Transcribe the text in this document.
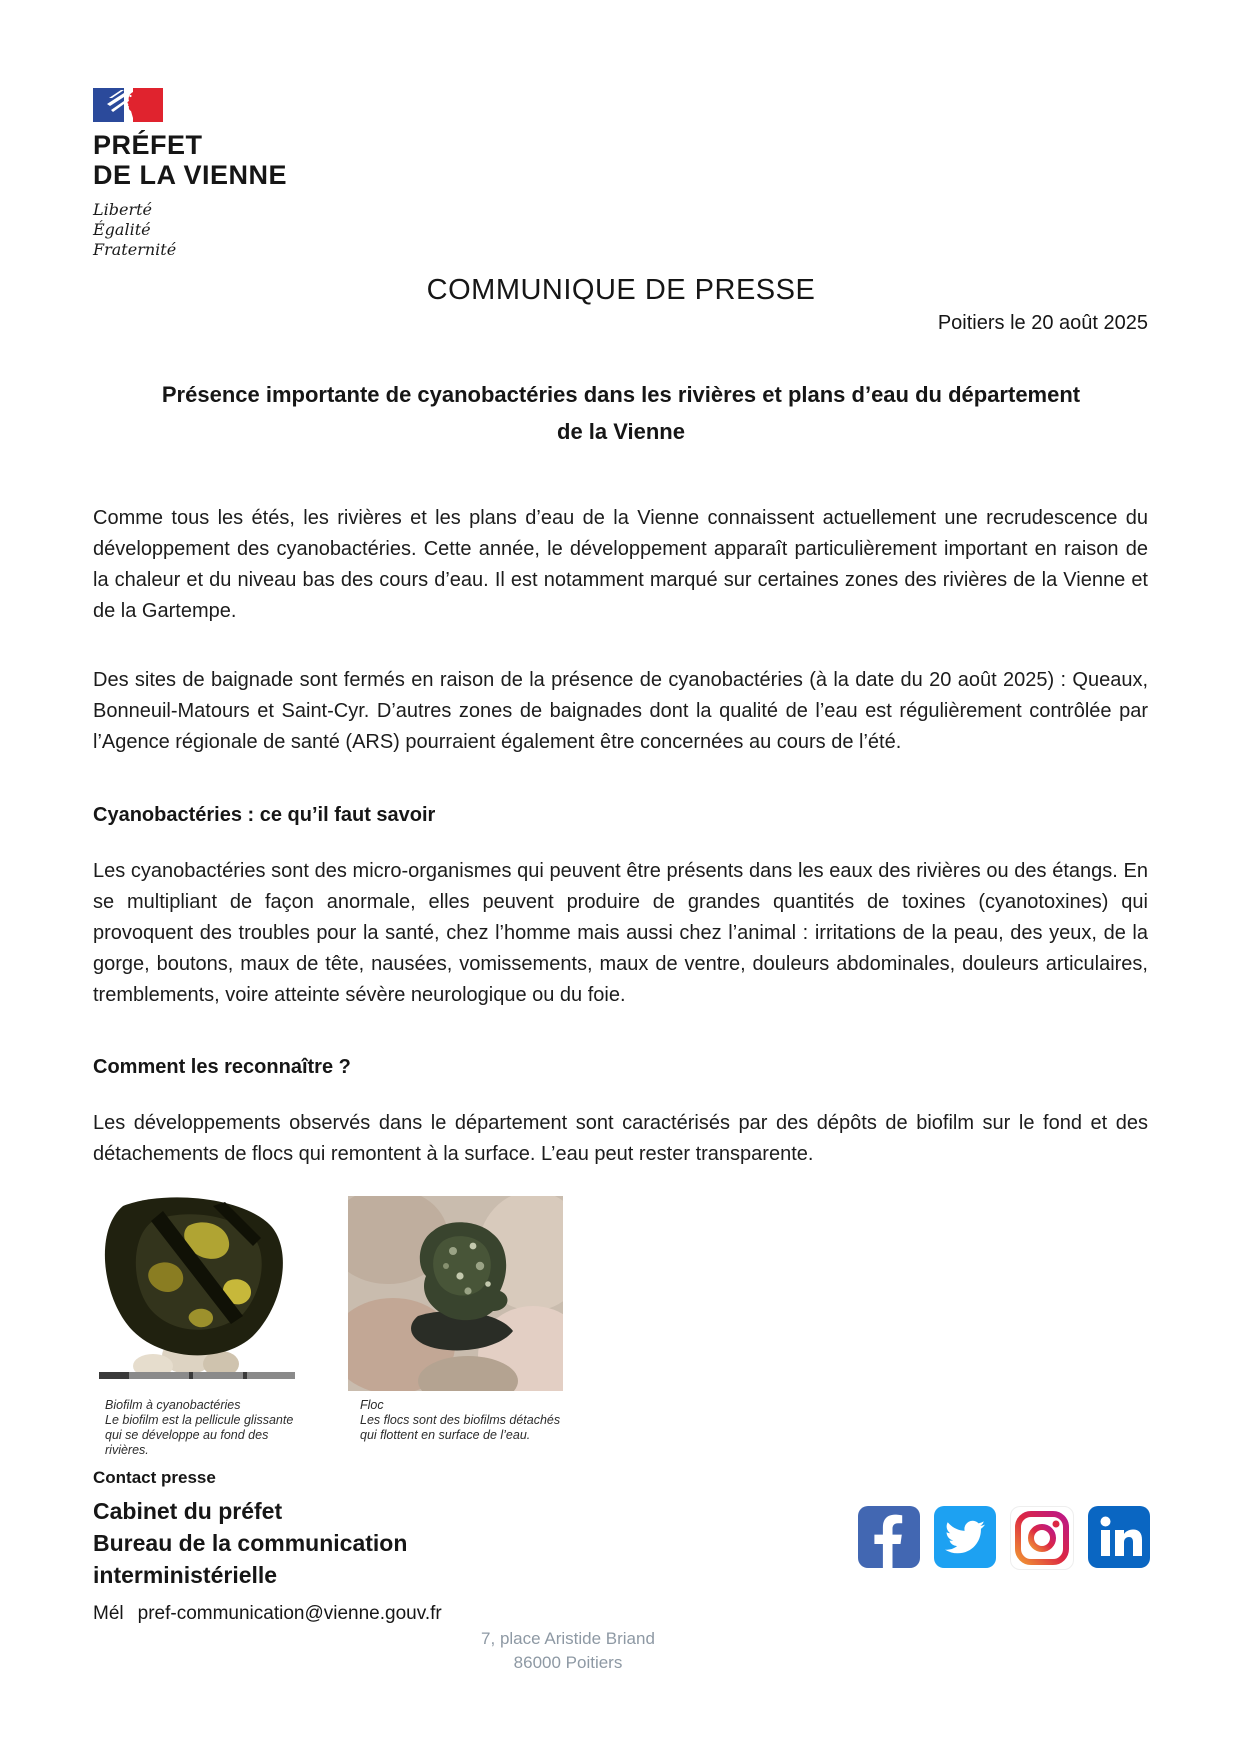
PRÉFET
DE LA VIENNE
Liberté
Égalité
Fraternité
COMMUNIQUE DE PRESSE
Poitiers le 20 août 2025
Présence importante de cyanobactéries dans les rivières et plans d’eau du département de la Vienne

Comme tous les étés, les rivières et les plans d’eau de la Vienne connaissent actuellement une recrudescence du développement des cyanobactéries. Cette année, le développement apparaît particulièrement important en raison de la chaleur et du niveau bas des cours d’eau. Il est notamment marqué sur certaines zones des rivières de la Vienne et de la Gartempe.

Des sites de baignade sont fermés en raison de la présence de cyanobactéries (à la date du 20 août 2025) : Queaux, Bonneuil-Matours et Saint-Cyr. D’autres zones de baignades dont la qualité de l’eau est régulièrement contrôlée par l’Agence régionale de santé (ARS) pourraient également être concernées au cours de l’été.

Cyanobactéries : ce qu’il faut savoir

Les cyanobactéries sont des micro-organismes qui peuvent être présents dans les eaux des rivières ou des étangs. En se multipliant de façon anormale, elles peuvent produire de grandes quantités de toxines (cyanotoxines) qui provoquent des troubles pour la santé, chez l’homme mais aussi chez l’animal : irritations de la peau, des yeux, de la gorge, boutons, maux de tête, nausées, vomissements, maux de ventre, douleurs abdominales, douleurs articulaires, tremblements, voire atteinte sévère neurologique ou du foie.

Comment les reconnaître ?

Les développements observés dans le département sont caractérisés par des dépôts de biofilm sur le fond et des détachements de flocs qui remontent à la surface. L’eau peut rester transparente.

Biofilm à cyanobactéries
Le biofilm est la pellicule glissante qui se développe au fond des rivières.
Floc
Les flocs sont des biofilms détachés qui flottent en surface de l’eau.
Contact presse
Cabinet du préfet
Bureau de la communication
interministérielle
Mél pref-communication@vienne.gouv.fr
7, place Aristide Briand
86000 Poitiers
